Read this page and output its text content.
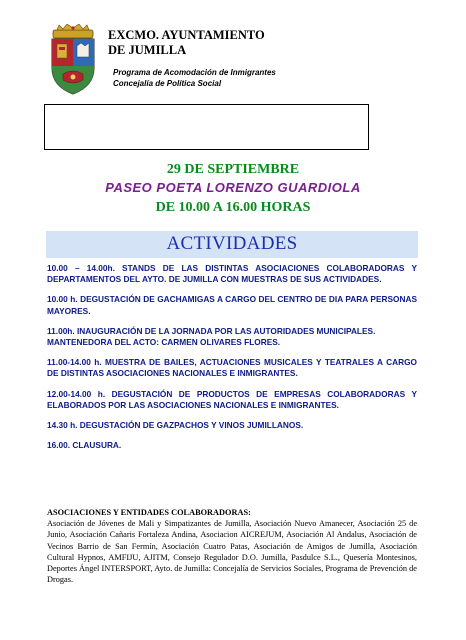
EXCMO. AYUNTAMIENTO
DE JUMILLA
Programa de Acomodación de Inmigrantes
Concejalía de Política Social
29 DE SEPTIEMBRE
PASEO POETA LORENZO GUARDIOLA
DE 10.00 A 16.00 HORAS
ACTIVIDADES

10.00 – 14.00h. STANDS DE LAS DISTINTAS ASOCIACIONES COLABORADORAS Y DEPARTAMENTOS DEL AYTO. DE JUMILLA CON MUESTRAS DE SUS ACTIVIDADES.

10.00 h. DEGUSTACIÓN DE GACHAMIGAS A CARGO DEL CENTRO DE DIA PARA PERSONAS MAYORES.

11.00h. INAUGURACIÓN DE LA JORNADA POR LAS AUTORIDADES MUNICIPALES.

MANTENEDORA DEL ACTO: CARMEN OLIVARES FLORES.

11.00-14.00 h. MUESTRA DE BAILES, ACTUACIONES MUSICALES Y TEATRALES A CARGO DE DISTINTAS ASOCIACIONES NACIONALES E INMIGRANTES.

12.00-14.00 h. DEGUSTACIÓN DE PRODUCTOS DE EMPRESAS COLABORADORAS Y ELABORADOS POR LAS ASOCIACIONES NACIONALES E INMIGRANTES.

14.30 h. DEGUSTACIÓN DE GAZPACHOS Y VINOS JUMILLANOS.

16.00. CLAUSURA.

ASOCIACIONES Y ENTIDADES COLABORADORAS:
Asociación de Jóvenes de Mali y Simpatizantes de Jumilla, Asociación Nuevo Amanecer, Asociación 25 de Junio, Asociación Cañaris Fortaleza Andina, Asociacion AICREJUM, Asociación Al Andalus, Asociación de Vecinos Barrio de San Fermín, Asociación Cuatro Patas, Asociación de Amigos de Jumilla, Asociación Cultural Hypnos, AMFIJU, AJITM, Consejo Regulador D.O. Jumilla, Pasdulce S.L., Quesería Montesinos, Deportes Ángel INTERSPORT, Ayto. de Jumilla: Concejalía de Servicios Sociales, Programa de Prevención de Drogas.
